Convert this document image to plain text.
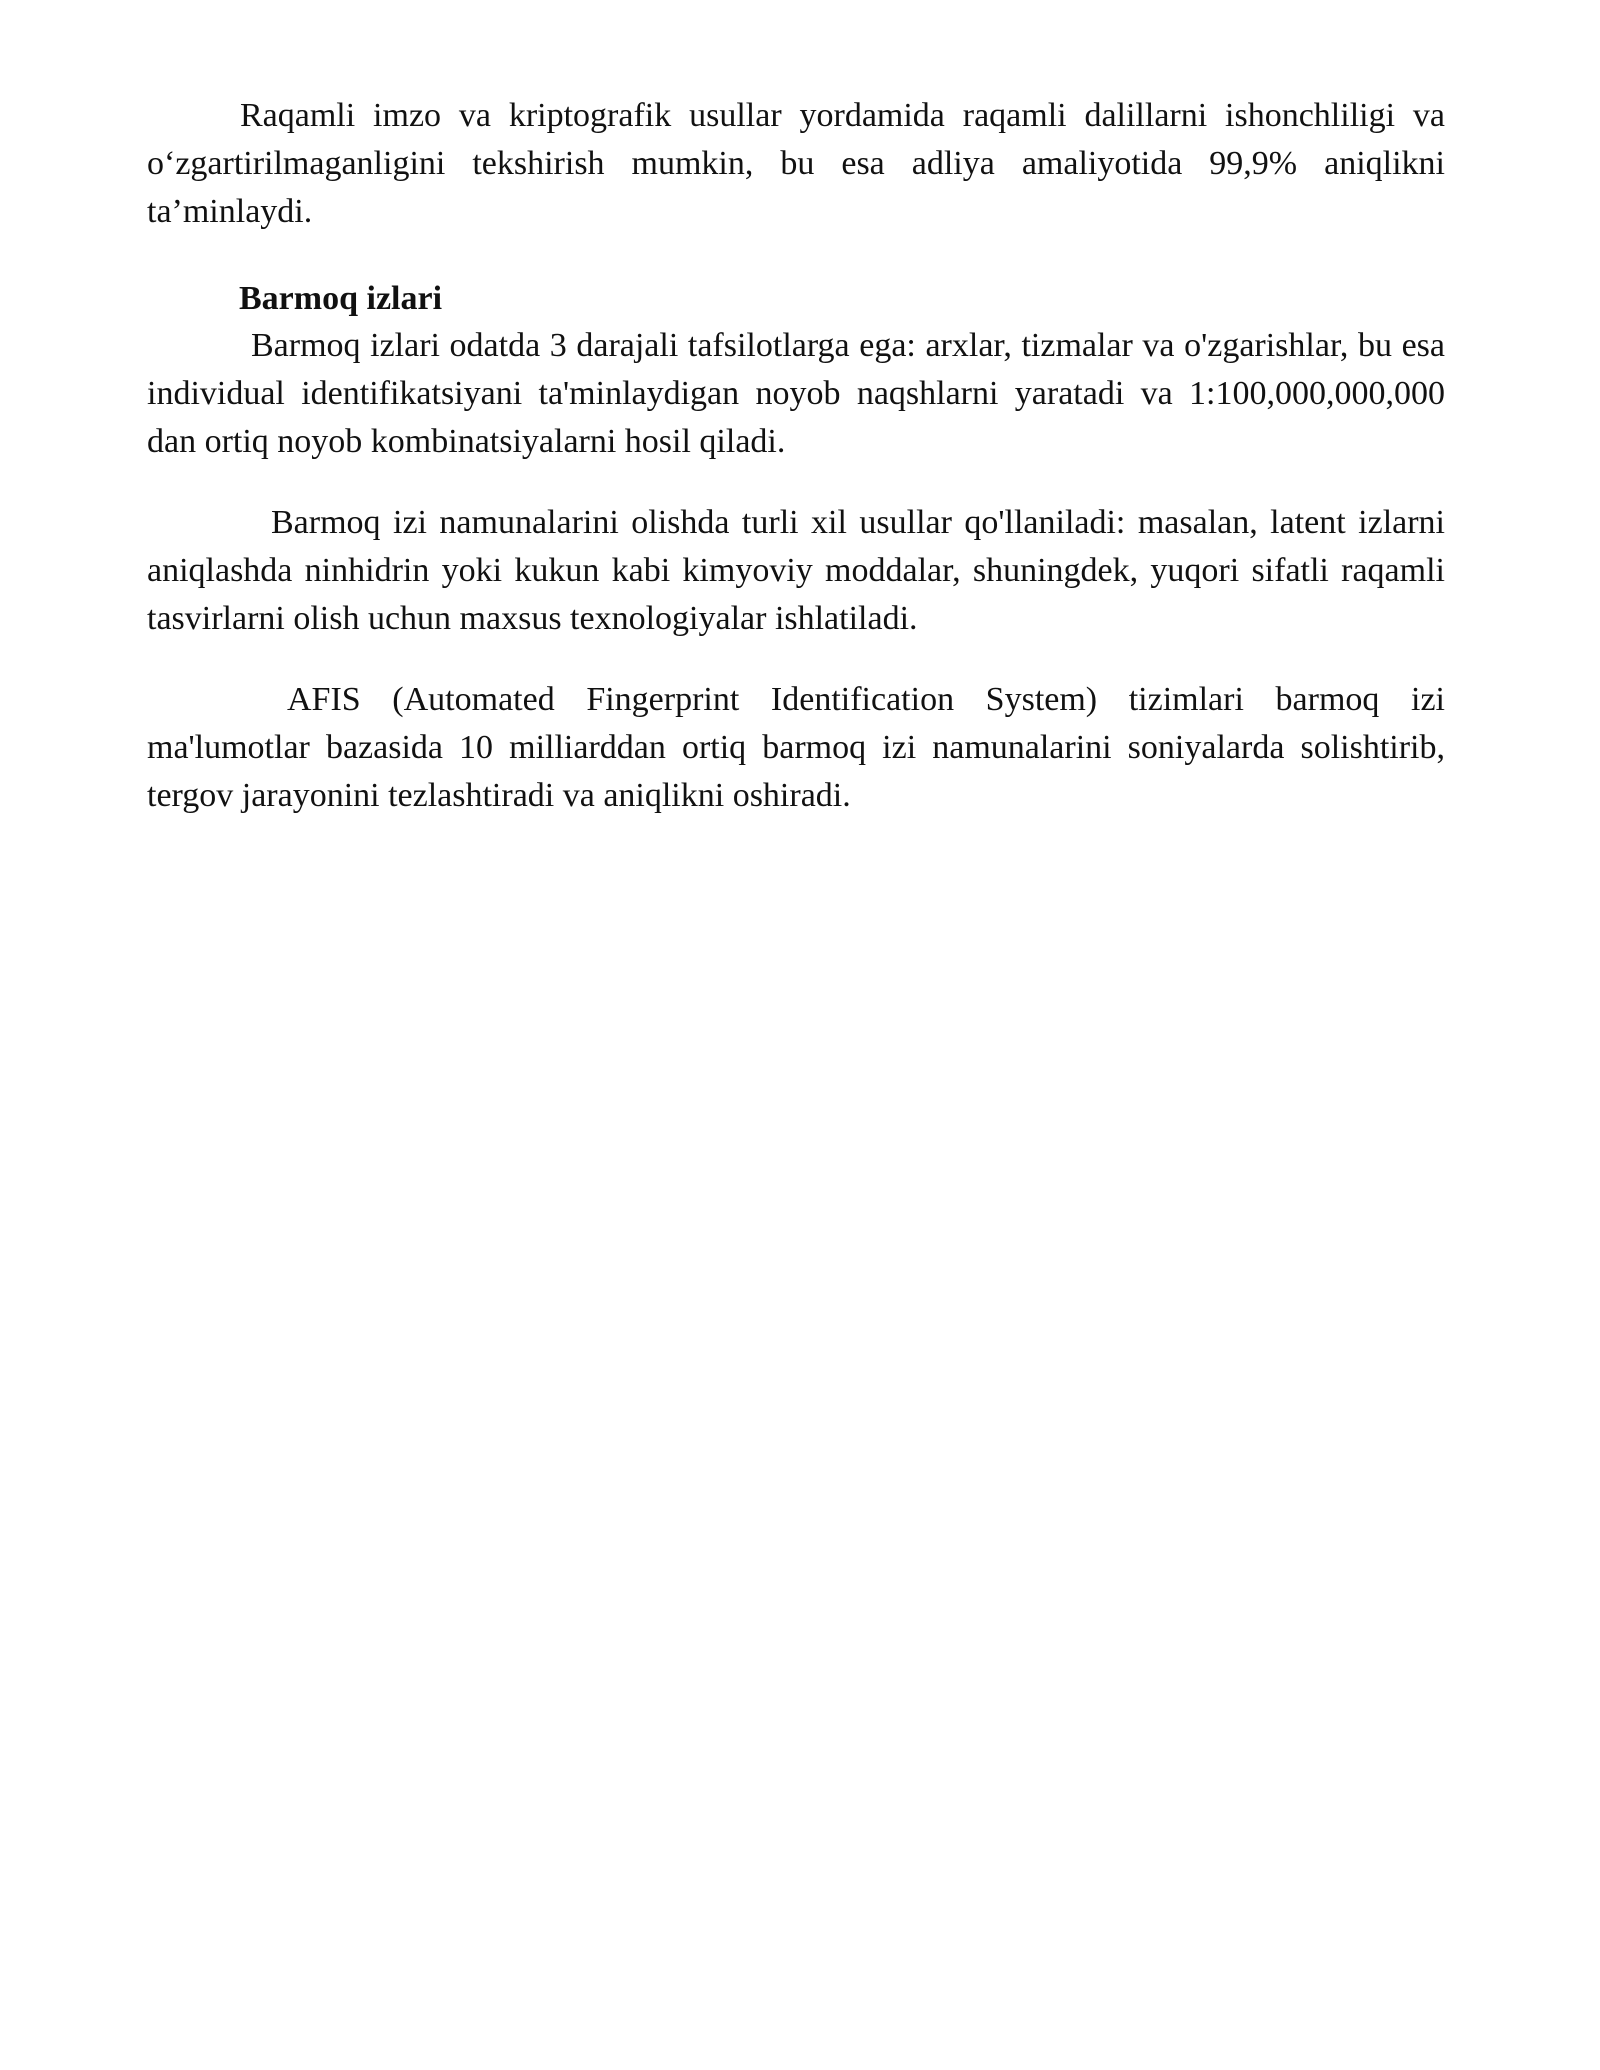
Raqamli imzo va kriptografik usullar yordamida raqamli dalillarni ishonchliligi va o‘zgartirilmaganligini tekshirish mumkin, bu esa adliya amaliyotida 99,9% aniqlikni ta’minlaydi.

Barmoq izlari

Barmoq izlari odatda 3 darajali tafsilotlarga ega: arxlar, tizmalar va o'zgarishlar, bu esa individual identifikatsiyani ta'minlaydigan noyob naqshlarni yaratadi va 1:100,000,000,000 dan ortiq noyob kombinatsiyalarni hosil qiladi.

Barmoq izi namunalarini olishda turli xil usullar qo'llaniladi: masalan, latent izlarni aniqlashda ninhidrin yoki kukun kabi kimyoviy moddalar, shuningdek, yuqori sifatli raqamli tasvirlarni olish uchun maxsus texnologiyalar ishlatiladi.

AFIS (Automated Fingerprint Identification System) tizimlari barmoq izi ma'lumotlar bazasida 10 milliarddan ortiq barmoq izi namunalarini soniyalarda solishtirib, tergov jarayonini tezlashtiradi va aniqlikni oshiradi.
